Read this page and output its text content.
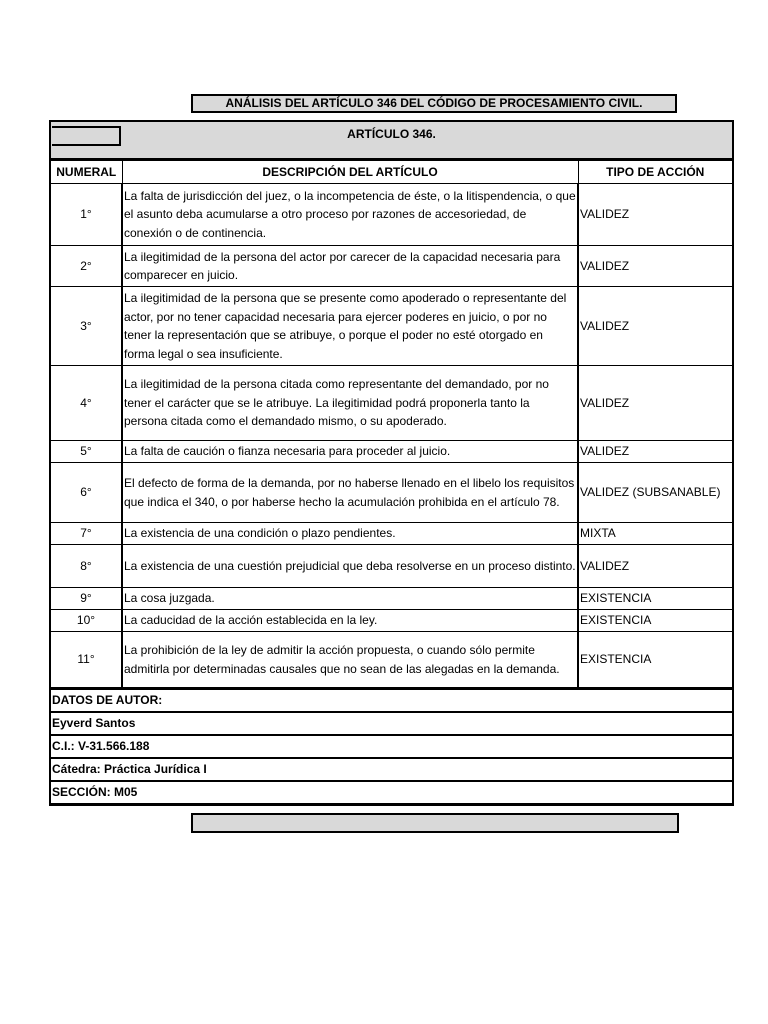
ANÁLISIS DEL ARTÍCULO 346 DEL CÓDIGO DE PROCESAMIENTO CIVIL.
ARTÍCULO 346.
NUMERAL	DESCRIPCIÓN DEL ARTÍCULO	TIPO DE ACCIÓN
1°	La falta de jurisdicción del juez, o la incompetencia de éste, o la litispendencia, o que el asunto deba acumularse a otro proceso por razones de accesoriedad, de conexión o de continencia.	VALIDEZ
2°	La ilegitimidad de la persona del actor por carecer de la capacidad necesaria para comparecer en juicio.	VALIDEZ
3°	La ilegitimidad de la persona que se presente como apoderado o representante del actor, por no tener capacidad necesaria para ejercer poderes en juicio, o por no tener la representación que se atribuye, o porque el poder no esté otorgado en forma legal o sea insuficiente.	VALIDEZ
4°	La ilegitimidad de la persona citada como representante del demandado, por no tener el carácter que se le atribuye. La ilegitimidad podrá proponerla tanto la persona citada como el demandado mismo, o su apoderado.	VALIDEZ
5°	La falta de caución o fianza necesaria para proceder al juicio.	VALIDEZ
6°	El defecto de forma de la demanda, por no haberse llenado en el libelo los requisitos que indica el 340, o por haberse hecho la acumulación prohibida en el artículo 78.	VALIDEZ (SUBSANABLE)
7°	La existencia de una condición o plazo pendientes.	MIXTA
8°	La existencia de una cuestión prejudicial que deba resolverse en un proceso distinto.	VALIDEZ
9°	La cosa juzgada.	EXISTENCIA
10°	La caducidad de la acción establecida en la ley.	EXISTENCIA
11°	La prohibición de la ley de admitir la acción propuesta, o cuando sólo permite admitirla por determinadas causales que no sean de las alegadas en la demanda.	EXISTENCIA
DATOS DE AUTOR:
Eyverd Santos
C.I.: V-31.566.188
Cátedra: Práctica Jurídica I
SECCIÓN: M05
